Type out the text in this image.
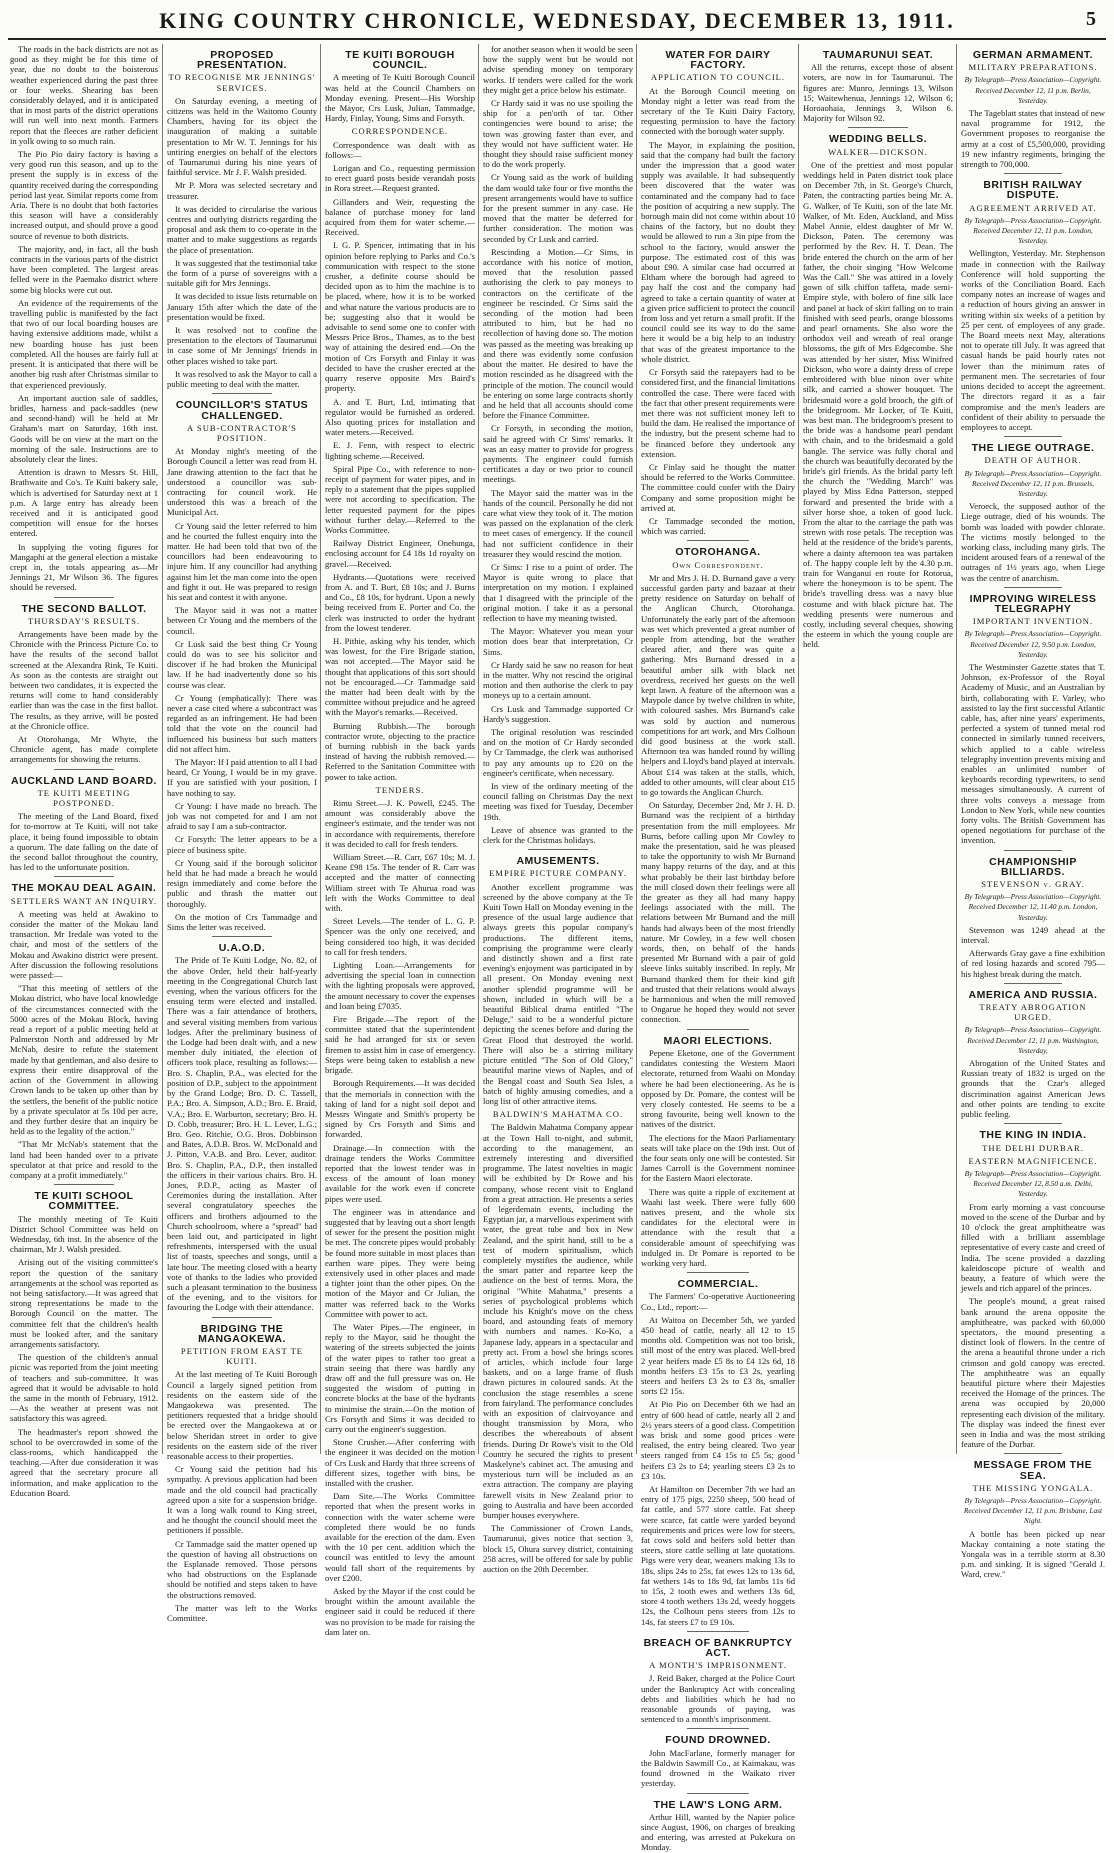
KING COUNTRY CHRONICLE, WEDNESDAY, DECEMBER 13, 1911.	5

The roads in the back districts are not as good as they might be for this time of year, due no doubt to the boisterous weather experienced during the past three or four weeks. Shearing has been considerably delayed, and it is anticipated that in most parts of the district operations will run well into next month. Farmers report that the fleeces are rather deficient in yolk owing to so much rain.

The Pio Pio dairy factory is having a very good run this season, and up to the present the supply is in excess of the quantity received during the corresponding period last year. Similar reports come from Aria. There is no doubt that both factories this season will have a considerably increased output, and should prove a good source of revenue to both districts.

The majority, and, in fact, all the bush contracts in the various parts of the district have been completed. The largest areas felled were in the Paemako district where some big blocks were cut out.

An evidence of the requirements of the travelling public is manifested by the fact that two of our local boarding houses are having extensive additions made, whilst a new boarding house has just been completed. All the houses are fairly full at present. It is anticipated that there will be another big rush after Christmas similar to that experienced previously.

An important auction sale of saddles, bridles, harness and pack-saddles (new and second-hand) will be held at Mr Graham's mart on Saturday, 16th inst. Goods will be on view at the mart on the morning of the sale. Instructions are to absolutely clear the lines.

Attention is drawn to Messrs St. Hill, Brathwaite and Co's. Te Kuiti bakery sale, which is advertised for Saturday next at 1 p.m. A large entry has already been received and it is anticipated good competition will ensue for the horses entered.

In supplying the voting figures for Mangaphi at the general election a mistake crept in, the totals appearing as—Mr Jennings 21, Mr Wilson 36. The figures should be reversed.

THE SECOND BALLOT.
THURSDAY'S RESULTS.

Arrangements have been made by the Chronicle with the Princess Picture Co. to have the results of the second ballot screened at the Alexandra Rink, Te Kuiti. As soon as the contests are straight out between two candidates, it is expected the returns will come to hand considerably earlier than was the case in the first ballot. The results, as they arrive, will be posted at the Chronicle office.

At Otorohanga, Mr Whyte, the Chronicle agent, has made complete arrangements for showing the returns.

AUCKLAND LAND BOARD.
TE KUITI MEETING POSTPONED.

The meeting of the Land Board, fixed for to-morrow at Te Kuiti, will not take place, it being found impossible to obtain a quorum. The date falling on the date of the second ballot throughout the country, has led to the unfortunate position.

THE MOKAU DEAL AGAIN.
SETTLERS WANT AN INQUIRY.

A meeting was held at Awakino to consider the matter of the Mokau land transaction. Mr Iredale was voted to the chair, and most of the settlers of the Mokau and Awakino district were present. After discussion the following resolutions were passed:—

"That this meeting of settlers of the Mokau district, who have local knowledge of the circumstances connected with the 5000 acres of the Mokau Block, having read a report of a public meeting held at Palmerston North and addressed by Mr McNab, desire to refute the statement made by that gentleman, and also desire to express their entire disapproval of the action of the Government in allowing Crown lands to be taken up other than by the settlers, the benefit of the public notice by a private speculator at 5s 10d per acre, and they further desire that an inquiry be held as to the legality of the action."

"That Mr McNab's statement that the land had been handed over to a private speculator at that price and resold to the company at a profit immediately."

TE KUITI SCHOOL COMMITTEE.

The monthly meeting of Te Kuiti District School Committee was held on Wednesday, 6th inst. In the absence of the chairman, Mr J. Walsh presided.

Arising out of the visiting committee's report the question of the sanitary arrangements at the school was reported as not being satisfactory.—It was agreed that strong representations be made to the Borough Council on the matter. The committee felt that the children's health must be looked after, and the sanitary arrangements satisfactory.

The question of the children's annual picnic was reported from the joint meeting of teachers and sub-committee. It was agreed that it would be advisable to hold the same in the month of February, 1912.—As the weather at present was not satisfactory this was agreed.

The headmaster's report showed the school to be overcrowded in some of the class-rooms, which handicapped the teaching.—After due consideration it was agreed that the secretary procure all information, and make application to the Education Board.

PROPOSED PRESENTATION.
TO RECOGNISE MR JENNINGS' SERVICES.

On Saturday evening, a meeting of citizens was held in the Waitomo County Chambers, having for its object the inauguration of making a suitable presentation to Mr W. T. Jennings for his untiring energies on behalf of the electors of Taumarunui during his nine years of faithful service. Mr J. F. Walsh presided.

Mr P. Mora was selected secretary and treasurer.

It was decided to circularise the various centres and outlying districts regarding the proposal and ask them to co-operate in the matter and to make suggestions as regards the place of presentation.

It was suggested that the testimonial take the form of a purse of sovereigns with a suitable gift for Mrs Jennings.

It was decided to issue lists returnable on January 15th after which the date of the presentation would be fixed.

It was resolved not to confine the presentation to the electors of Taumarunui in case some of Mr Jennings' friends in other places wished to take part.

It was resolved to ask the Mayor to call a public meeting to deal with the matter.

COUNCILLOR'S STATUS CHALLENGED.
A SUB-CONTRACTOR'S POSITION.

At Monday night's meeting of the Borough Council a letter was read from H. Jane drawing attention to the fact that he understood a councillor was sub-contracting for council work. He understood this was a breach of the Municipal Act.

Cr Young said the letter referred to him and he courted the fullest enquiry into the matter. He had been told that two of the councillors had been endeavouring to injure him. If any councillor had anything against him let the man come into the open and fight it out. He was prepared to resign his seat and contest it with anyone.

The Mayor said it was not a matter between Cr Young and the members of the council.

Cr Lusk said the best thing Cr Young could do was to see his solicitor and discover if he had broken the Municipal law. If he had inadvertently done so his course was clear.

Cr Young (emphatically): There was never a case cited where a subcontract was regarded as an infringement. He had been told that the vote on the council had influenced his business but such matters did not affect him.

The Mayor: If I paid attention to all I had heard, Cr Young, I would be in my grave. If you are satisfied with your position, I have nothing to say.

Cr Young: I have made no breach. The job was not competed for and I am not afraid to say I am a sub-contractor.

Cr Forsyth: The letter appears to be a piece of business spite.

Cr Young said if the borough solicitor held that he had made a breach he would resign immediately and come before the public and thrash the matter out thoroughly.

On the motion of Crs Tammadge and Sims the letter was received.

U.A.O.D.

The Pride of Te Kuiti Lodge, No. 82, of the above Order, held their half-yearly meeting in the Congregational Church last evening, when the various officers for the ensuing term were elected and installed. There was a fair attendance of brothers, and several visiting members from various lodges. After the preliminary business of the Lodge had been dealt with, and a new member duly initiated, the election of officers took place, resulting as follows:—Bro. S. Chaplin, P.A., was elected for the position of D.P., subject to the appointment by the Grand Lodge; Bro. D. C. Tassell, P.A.; Bro. A. Simpson, A.D.; Bro. E. Braid, V.A.; Bro. E. Warburton, secretary; Bro. H. D. Cobb, treasurer; Bro. H. L. Lever, L.G.; Bro. Geo. Ritchie, O.G. Bros. Dobbinson and Bates, A.D.B. Bros. W. McDonald and J. Pitton, V.A.B. and Bro. Lever, auditor. Bro. S. Chaplin, P.A., D.P., then installed the officers in their various chairs. Bro. H. Jones, P.D.P., acting as Master of Ceremonies during the installation. After several congratulatory speeches the officers and brothers adjourned to the Church schoolroom, where a "spread" had been laid out, and participated in light refreshments, interspersed with the usual list of toasts, speeches and songs, until a late hour. The meeting closed with a hearty vote of thanks to the ladies who provided such a pleasant termination to the business of the evening, and to the visitors for favouring the Lodge with their attendance.

BRIDGING THE MANGAOKEWA.
PETITION FROM EAST TE KUITI.

At the last meeting of Te Kuiti Borough Council a largely signed petition from residents on the eastern side of the Mangaokewa was presented. The petitioners requested that a bridge should be erected over the Mangaokewa at or below Sheridan street in order to give residents on the eastern side of the river reasonable access to their properties.

Cr Young said the petition had his sympathy. A previous application had been made and the old council had practically agreed upon a site for a suspension bridge. It was a long walk round to King street, and he thought the council should meet the petitioners if possible.

Cr Tammadge said the matter opened up the question of having all obstructions on the Esplanade removed. Those persons who had obstructions on the Esplanade should be notified and steps taken to have the obstructions removed.

The matter was left to the Works Committee.

TE KUITI BOROUGH COUNCIL.

A meeting of Te Kuiti Borough Council was held at the Council Chambers on Monday evening. Present—His Worship the Mayor, Crs Lusk, Julian, Tammadge, Hardy, Finlay, Young, Sims and Forsyth.

CORRESPONDENCE.

Correspondence was dealt with as follows:—

Lorigan and Co., requesting permission to erect guard posts beside verandah posts in Rora street.—Request granted.

Gillanders and Weir, requesting the balance of purchase money for land acquired from them for water scheme.—Received.

I. G. P. Spencer, intimating that in his opinion before replying to Parks and Co.'s communication with respect to the stone crusher, a definite course should be decided upon as to him the machine is to be placed, where, how it is to be worked and what nature the various products are to be; suggesting also that it would be advisable to send some one to confer with Messrs Price Bros., Thames, as to the best way of attaining the desired end.—On the motion of Crs Forsyth and Finlay it was decided to have the crusher erected at the quarry reserve opposite Mrs Baird's property.

A. and T. Burt, Ltd, intimating that regulator would be furnished as ordered. Also quoting prices for installation and water meters.—Received.

E. J. Fenn, with respect to electric lighting scheme.—Received.

Spiral Pipe Co., with reference to non-receipt of payment for water pipes, and in reply to a statement that the pipes supplied were not according to specification. The letter requested payment for the pipes without further delay.—Referred to the Works Committee.

Railway District Engineer, Onehunga, enclosing account for £4 18s 1d royalty on gravel.—Received.

Hydrants.—Quotations were received from A. and T. Burt, £8 10s; and J. Burns and Co., £8 10s, for hydrant. Upon a newly being received from E. Porter and Co. the clerk was instructed to order the hydrant from the lowest tenderer.

H. Pithie, asking why his tender, which was lowest, for the Fire Brigade station, was not accepted.—The Mayor said he thought that applications of this sort should not be encouraged.—Cr Tammadge said the matter had been dealt with by the committee without prejudice and he agreed with the Mayor's remarks.—Received.

Burning Rubbish.—The borough contractor wrote, objecting to the practice of burning rubbish in the back yards instead of having the rubbish removed.—Referred to the Sanitation Committee with power to take action.

TENDERS.

Rimu Street.—J. K. Powell, £245. The amount was considerably above the engineer's estimate, and the tender was not in accordance with requirements, therefore it was decided to call for fresh tenders.

William Street.—R. Carr, £67 10s; M. J. Keane £98 15s. The tender of R. Carr was accepted and the matter of connecting William street with Te Ahurua road was left with the Works Committee to deal with.

Street Levels.—The tender of L. G. P. Spencer was the only one received, and being considered too high, it was decided to call for fresh tenders.

Lighting Loan.—Arrangements for advertising the special loan in connection with the lighting proposals were approved, the amount necessary to cover the expenses and loan being £7035.

Fire Brigade.—The report of the committee stated that the superintendent said he had arranged for six or seven firemen to assist him in case of emergency. Steps were being taken to establish a new brigade.

Borough Requirements.—It was decided that the memorials in connection with the taking of land for a night soil depot and Messrs Wingate and Smith's property be signed by Crs Forsyth and Sims and forwarded.

Drainage.—In connection with the drainage tenders the Works Committee reported that the lowest tender was in excess of the amount of loan money available for the work even if concrete pipes were used.

The engineer was in attendance and suggested that by leaving out a short length of sewer for the present the position might be met. The concrete pipes would probably be found more suitable in most places than earthen ware pipes. They were being extensively used in other places and made a tighter joint than the other pipes. On the motion of the Mayor and Cr Julian, the matter was referred back to the Works Committee with power to act.

The Water Pipes.—The engineer, in reply to the Mayor, said he thought the watering of the streets subjected the joints of the water pipes to rather too great a strain seeing that there was hardly any draw off and the full pressure was on. He suggested the wisdom of putting in concrete blocks at the base of the hydrants to minimise the strain.—On the motion of Crs Forsyth and Sims it was decided to carry out the engineer's suggestion.

Stone Crusher.—After conferring with the engineer it was decided on the motion of Crs Lusk and Hardy that three screens of different sizes, together with bins, be installed with the crusher.

Dam Site.—The Works Committee reported that when the present works in connection with the water scheme were completed there would be no funds available for the erection of the dam. Even with the 10 per cent. addition which the council was entitled to levy the amount would fall short of the requirements by over £200.

Asked by the Mayor if the cost could be brought within the amount available the engineer said it could be reduced if there was no provision to be made for raising the dam later on.

for another season when it would be seen how the supply went but he would not advise spending money on temporary works. If tenders were called for the work they might get a price below his estimate.

Cr Hardy said it was no use spoiling the ship for a pen'orth of tar. Other contingencies were bound to arise; the town was growing faster than ever, and they would not have sufficient water. He thought they should raise sufficient money to do the work properly.

Cr Young said as the work of building the dam would take four or five months the present arrangements would have to suffice for the present summer in any case. He moved that the matter be deferred for further consideration. The motion was seconded by Cr Lusk and carried.

Rescinding a Motion.—Cr Sims, in accordance with his notice of motion, moved that the resolution passed authorising the clerk to pay moneys to contractors on the certificate of the engineer be rescinded. Cr Sims said the seconding of the motion had been attributed to him, but he had no recollection of having done so. The motion was passed as the meeting was breaking up and there was evidently some confusion about the matter. He desired to have the motion rescinded as he disagreed with the principle of the motion. The council would be entering on some large contracts shortly and he held that all accounts should come before the Finance Committee.

Cr Forsyth, in seconding the motion, said he agreed with Cr Sims' remarks. It was an easy matter to provide for progress payments. The engineer could furnish certificates a day or two prior to council meetings.

The Mayor said the matter was in the hands of the council. Personally he did not care what view they took of it. The motion was passed on the explanation of the clerk to meet cases of emergency. If the council had not sufficient confidence in their treasurer they would rescind the motion.

Cr Sims: I rise to a point of order. The Mayor is quite wrong to place that interpretation on my motion. I explained that I disagreed with the principle of the original motion. I take it as a personal reflection to have my meaning twisted.

The Mayor: Whatever you mean your motion does bear that interpretation, Cr Sims.

Cr Hardy said he saw no reason for heat in the matter. Why not rescind the original motion and then authorise the clerk to pay moneys up to a certain amount.

Crs Lusk and Tammadge supported Cr Hardy's suggestion.

The original resolution was rescinded and on the motion of Cr Hardy seconded by Cr Tammadge, the clerk was authorised to pay any amounts up to £20 on the engineer's certificate, when necessary.

In view of the ordinary meeting of the council falling on Christmas Day the next meeting was fixed for Tuesday, December 19th.

Leave of absence was granted to the clerk for the Christmas holidays.

AMUSEMENTS.
EMPIRE PICTURE COMPANY.

Another excellent programme was screened by the above company at the Te Kuiti Town Hall on Monday evening in the presence of the usual large audience that always greets this popular company's productions. The different items, comprising the programme were clearly and distinctly shown and a first rate evening's enjoyment was participated in by all present. On Monday evening next another splendid programme will be shown, included in which will be a beautiful Biblical drama entitled "The Deluge," said to be a wonderful picture depicting the scenes before and during the Great Flood that destroyed the world. There will also be a stirring military picture entitled "The Son of Old Glory," beautiful marine views of Naples, and of the Bengal coast and South Sea Isles, a batch of highly amusing comedies, and a long list of other attractive items.

BALDWIN'S MAHATMA CO.

The Baldwin Mahatma Company appear at the Town Hall to-night, and submit, according to the management, an extremely interesting and diversified programme. The latest novelties in magic will be exhibited by Dr Rowe and his company, whose recent visit to England from a great attraction. He presents a series of legerdemain events, including the Egyptian jar, a marvellous experiment with water, the great tube and box in New Zealand, and the spirit hand, still to be a test of modern spiritualism, which completely mystifies the audience, while the smart patter and repartee keep the audience on the best of terms. Mora, the original "White Mahatma," presents a series of psychological problems which include his Knight's move on the chess board, and astounding feats of memory with numbers and names. Ko-Ko, a Japanese lady, appears in a spectacular and pretty act. From a bowl she brings scores of articles, which include four large baskets, and on a large frame of flush drawn pictures in coloured sands. At the conclusion the stage resembles a scene from fairyland. The performance concludes with an exposition of clairvoyance and thought transmission by Mora, who describes the whereabouts of absent friends. During Dr Rowe's visit to the Old Country he secured the rights to present Maskelyne's cabinet act. The amusing and mysterious turn will be included as an extra attraction. The company are playing farewell visits in New Zealand prior to going to Australia and have been accorded bumper houses everywhere.

The Commissioner of Crown Lands, Taumarunui, gives notice that section 3, block 15, Ohura survey district, containing 258 acres, will be offered for sale by public auction on the 20th December.

WATER FOR DAIRY FACTORY.
APPLICATION TO COUNCIL.

At the Borough Council meeting on Monday night a letter was read from the secretary of the Te Kuiti Dairy Factory, requesting permission to have the factory connected with the borough water supply.

The Mayor, in explaining the position, said that the company had built the factory under the impression that a good water supply was available. It had subsequently been discovered that the water was contaminated and the company had to face the position of acquiring a new supply. The borough main did not come within about 10 chains of the factory, but no doubt they would be allowed to run a 3in pipe from the school to the factory, would answer the purpose. The estimated cost of this was about £90. A similar case had occurred at Eltham where the borough had agreed to pay half the cost and the company had agreed to take a certain quantity of water at a given price sufficient to protect the council from loss and yet return a small profit. If the council could see its way to do the same here it would be a big help to an industry that was of the greatest importance to the whole district.

Cr Forsyth said the ratepayers had to be considered first, and the financial limitations controlled the case. There were faced with the fact that other present requirements were met there was not sufficient money left to build the dam. He realised the importance of the industry, but the present scheme had to be financed before they undertook any extension.

Cr Finlay said he thought the matter should be referred to the Works Committee. The committee could confer with the Dairy Company and some proposition might be arrived at.

Cr Tammadge seconded the motion, which was carried.

OTOROHANGA.
Own Correspondent.

Mr and Mrs J. H. D. Burnand gave a very successful garden party and bazaar at their pretty residence on Saturday on behalf of the Anglican Church, Otorohanga. Unfortunately the early part of the afternoon was wet which prevented a great number of people from attending, but the weather cleared after, and there was quite a gathering. Mrs Burnand dressed in a beautiful amber silk with black net overdress, received her guests on the well kept lawn. A feature of the afternoon was a Maypole dance by twelve children in white, with coloured sashes. Mrs Burnand's cake was sold by auction and numerous competitions for art work, and Mrs Colhoun did good business at the work stall. Afternoon tea was handed round by willing helpers and Lloyd's band played at intervals. About £14 was taken at the stalls, which, added to other amounts, will clear about £15 to go towards the Anglican Church.

On Saturday, December 2nd, Mr J. H. D. Burnand was the recipient of a birthday presentation from the mill employees. Mr Burns, before calling upon Mr Cowley to make the presentation, said he was pleased to take the opportunity to wish Mr Burnand many happy returns of the day, and at this what probably be their last birthday before the mill closed down their feelings were all the greater as they all had many happy feelings associated with the mill. The relations between Mr Burnand and the mill hands had always been of the most friendly nature. Mr Cowley, in a few well chosen words, then, on behalf of the hands presented Mr Burnand with a pair of gold sleeve links suitably inscribed. In reply, Mr Burnand thanked them for their kind gift and trusted that their relations would always be harmonious and when the mill removed to Ongarue he hoped they would not sever connection.

MAORI ELECTIONS.

Pepene Eketone, one of the Government candidates contesting the Western Maori electorate, returned from Waahi on Monday where he had been electioneering. As he is opposed by Dr. Pomare, the contest will be very closely contested. He seems to be a strong favourite, being well known to the natives of the district.

The elections for the Maori Parliamentary seats will take place on the 19th inst. Out of the four seats only one will be contested. Sir James Carroll is the Government nominee for the Eastern Maori electorate.

There was quite a ripple of excitement at Waahi last week. There were fully 600 natives present, and the whole six candidates for the electoral were in attendance with the result that a considerable amount of speechifying was indulged in. Dr Pomare is reported to be working very hard.

COMMERCIAL.

The Farmers' Co-operative Auctioneering Co., Ltd., report:—

At Waitoa on December 5th, we yarded 450 head of cattle, nearly all 12 to 15 months old. Competition was not too brisk, still most of the entry was placed. Well-bred 2 year heifers made £5 8s to £4 12s 6d, 18 months heifers £3 15s to £3 2s, yearling steers and heifers £3 2s to £3 8s, smaller sorts £2 15s.

At Pio Pio on December 6th we had an entry of 600 head of cattle, nearly all 2 and 2½ years steers of a good class. Competition was brisk and some good prices were realised, the entry being cleared. Two year steers ranged from £4 15s to £5 5s; good heifers £3 2s to £4; yearling steers £3 2s to £3 10s.

At Hamilton on December 7th we had an entry of 175 pigs, 2250 sheep, 500 head of fat cattle, and 577 store cattle. Fat sheep were scarce, fat cattle were yarded beyond requirements and prices were low for steers, fat cows sold and heifers sold better than steers, store cattle selling at late quotations. Pigs were very dear, weaners making 13s to 18s, slips 24s to 25s, fat ewes 12s to 13s 6d, fat wethers 14s to 18s 9d, fat lambs 11s 6d to 15s, 2 tooth ewes and wethers 13s 6d, store 4 tooth wethers 13s 2d, weedy hoggets 12s, the Colhoun pens steers from 12s to 14s, fat steers £7 to £9 10s.

BREACH OF BANKRUPTCY ACT.
A MONTH'S IMPRISONMENT.

J. Reid Baker, charged at the Police Court under the Bankruptcy Act with concealing debts and liabilities which he had no reasonable grounds of paying, was sentenced to a month's imprisonment.

FOUND DROWNED.

John MacFarlane, formerly manager for the Baldwin Sawmill Co., at Kaimakau, was found drowned in the Waikato river yesterday.

THE LAW'S LONG ARM.

Arthur Hill, wanted by the Napier police since August, 1906, on charges of breaking and entering, was arrested at Pukekura on Monday.

TAUMARUNUI SEAT.

All the returns, except those of absent voters, are now in for Taumarunui. The figures are: Munro, Jennings 13, Wilson 15; Waitewhenua, Jennings 12, Wilson 6; Horoaohaia, Jennings 3, Wilson 6. Majority for Wilson 92.

WEDDING BELLS.
WALKER—DICKSON.

One of the prettiest and most popular weddings held in Paten district took place on December 7th, in St. George's Church, Paten, the contracting parties being Mr. A. G. Walker, of Te Kuiti, son of the late Mr. Walker, of Mt. Eden, Auckland, and Miss Mabel Annie, eldest daughter of Mr W. Dickson, Paten. The ceremony was performed by the Rev. H. T. Dean. The bride entered the church on the arm of her father, the choir singing "How Welcome Was the Call." She was attired in a lovely gown of silk chiffon taffeta, made semi-Empire style, with bolero of fine silk lace and panel at back of skirt falling on to train finished with seed pearls, orange blossoms and pearl ornaments. She also wore the orthodox veil and wreath of real orange blossoms, the gift of Mrs Edgecombe. She was attended by her sister, Miss Winifred Dickson, who wore a dainty dress of crepe embroidered with blue ninon over white silk, and carried a shower bouquet. The bridesmaid wore a gold brooch, the gift of the bridegroom. Mr Locker, of Te Kuiti, was best man. The bridegroom's present to the bride was a handsome pearl pendant with chain, and to the bridesmaid a gold bangle. The service was fully choral and the church was beautifully decorated by the bride's girl friends. As the bridal party left the church the "Wedding March" was played by Miss Edna Patterson, stepped forward and presented the bride with a silver horse shoe, a token of good luck. From the altar to the carriage the path was strewn with rose petals. The reception was held at the residence of the bride's parents, where a dainty afternoon tea was partaken of. The happy couple left by the 4.30 p.m. train for Wanganui en route for Rotorua, where the honeymoon is to be spent. The bride's travelling dress was a navy blue costume and with black picture hat. The wedding presents were numerous and costly, including several cheques, showing the esteem in which the young couple are held.

GERMAN ARMAMENT.
MILITARY PREPARATIONS.
By Telegraph—Press Association—Copyright. Received December 12, 11 p.m. Berlin, Yesterday.

The Tageblatt states that instead of new naval programme for 1912, the Government proposes to reorganise the army at a cost of £5,500,000, providing 19 new infantry regiments, bringing the strength to 700,000.

BRITISH RAILWAY DISPUTE.
AGREEMENT ARRIVED AT.
By Telegraph—Press Association—Copyright. Received December 12, 11 p.m. London, Yesterday.

Wellington, Yesterday. Mr. Stephenson made in connection with the Railway Conference will hold supporting the works of the Conciliation Board. Each company notes an increase of wages and a reduction of hours giving an answer in writing within six weeks of a petition by 25 per cent. of employees of any grade. The Board meets next May, alterations not to operate till July. It was agreed that casual hands be paid hourly rates not lower than the minimum rates of permanent men. The secretaries of four unions decided to accept the agreement. The directors regard it as a fair compromise and the men's leaders are confident of their ability to persuade the employees to accept.

THE LIEGE OUTRAGE.
DEATH OF AUTHOR.
By Telegraph—Press Association—Copyright. Received December 12, 11 p.m. Brussels, Yesterday.

Veroeck, the supposed author of the Liege outrage, died of his wounds. The bomb was loaded with powder chlorate. The victims mostly belonged to the working class, including many girls. The incident aroused fears of a renewal of the outrages of 1½ years ago, when Liege was the centre of anarchism.

IMPROVING WIRELESS TELEGRAPHY
IMPORTANT INVENTION.
By Telegraph—Press Association—Copyright. Received December 12, 9.50 p.m. London, Yesterday.

The Westminster Gazette states that T. Johnson, ex-Professor of the Royal Academy of Music, and an Australian by birth, collaborating with F. Varley, who assisted to lay the first successful Atlantic cable, has, after nine years' experiments, perfected a system of tunned metal rod connected in similarly tunned receivers, which applied to a cable wireless telegraphy invention prevents mixing and enables an unlimited number of keyboards recording typewriters, to send messages simultaneously. A current of three volts conveys a message from London to New York, while new counties forty volts. The British Government has opened negotiations for purchase of the invention.

CHAMPIONSHIP BILLIARDS.
STEVENSON v. GRAY.
By Telegraph—Press Association—Copyright. Received December 12, 11.40 p.m. London, Yesterday.

Stevenson was 1249 ahead at the interval.

Afterwards Gray gave a fine exhibition of red losing hazards and scored 795—his highest break during the match.

AMERICA AND RUSSIA.
TREATY ABROGATION URGED.
By Telegraph—Press Association—Copyright. Received December 12, 11 p.m. Washington, Yesterday.

Abrogation of the United States and Russian treaty of 1832 is urged on the grounds that the Czar's alleged discrimination against American Jews and other points are tending to excite public feeling.

THE KING IN INDIA.
THE DELHI DURBAR.
EASTERN MAGNIFICENCE.
By Telegraph—Press Association—Copyright. Received December 12, 8.50 a.m. Delhi, Yesterday.

From early morning a vast concourse moved to the scene of the Durbar and by 10 o'clock the great amphitheatre was filled with a brilliant assemblage representative of every caste and creed of India. The scene provided a dazzling kaleidoscope picture of wealth and beauty, a feature of which were the jewels and rich apparel of the princes.

The people's mound, a great raised bank around the arena opposite the amphitheatre, was packed with 60,000 spectators, the mound presenting a distinct look of flowers. In the centre of the arena a beautiful throne under a rich crimson and gold canopy was erected. The amphitheatre was an equally beautiful picture where their Majesties received the Homage of the princes. The arena was occupied by 20,000 representing each division of the military. The display was indeed the finest ever seen in India and was the most striking feature of the Durbar.

MESSAGE FROM THE SEA.
THE MISSING YONGALA.
By Telegraph—Press Association—Copyright. Received December 12, 11 p.m. Brisbane, Last Night.

A bottle has been picked up near Mackay containing a note stating the Yongala was in a terrible storm at 8.30 p.m. and sinking. It is signed "Gerald J. Ward, crew."
